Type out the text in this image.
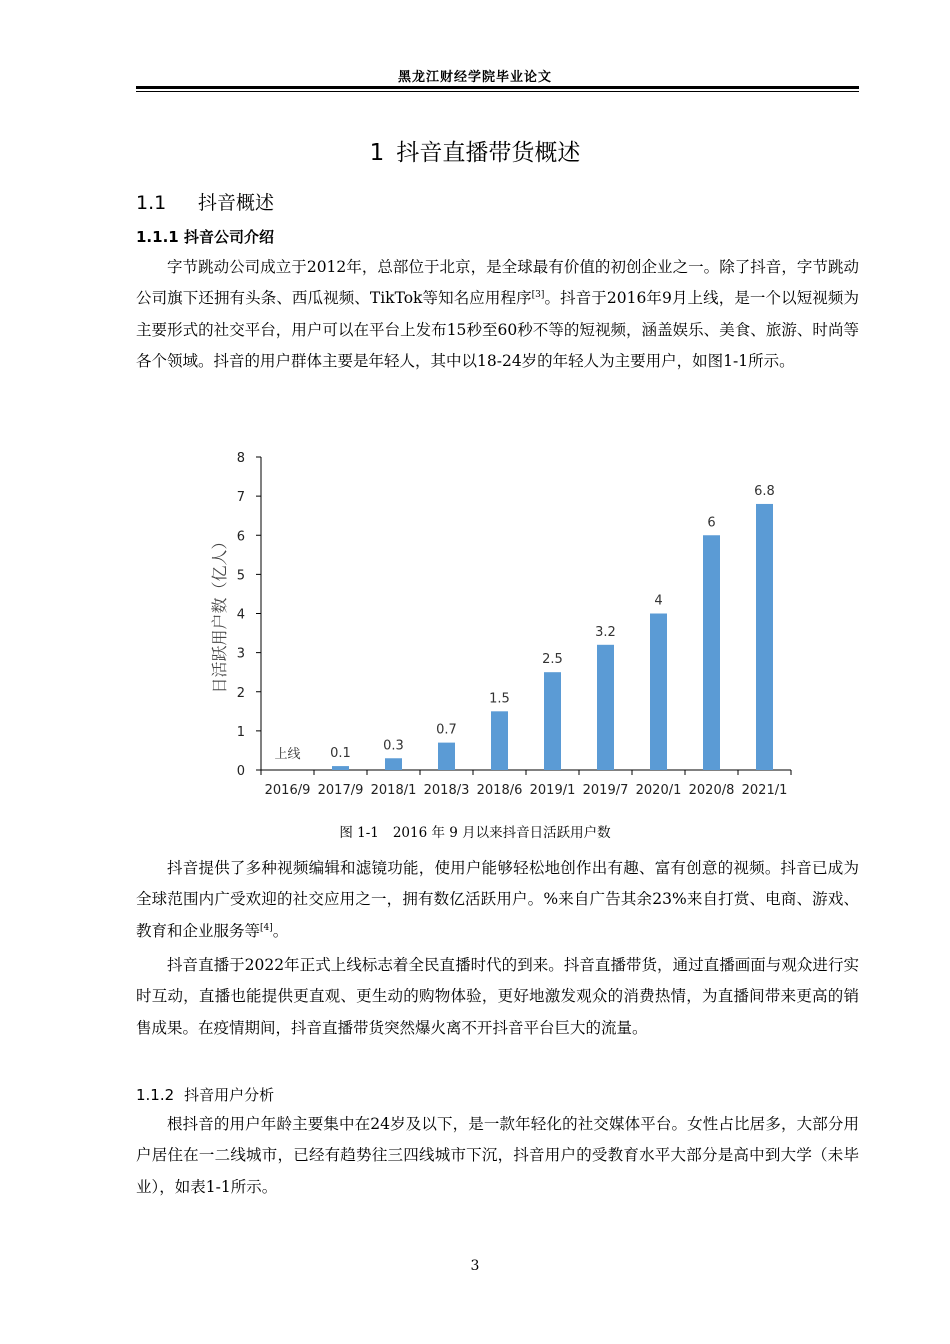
黑龙江财经学院毕业论文
1 抖音直播带货概述
1.1 抖音概述
1.1.1 抖音公司介绍

字节跳动公司成立于2012年，总部位于北京，是全球最有价值的初创企业之一。除了抖音，字节跳动公司旗下还拥有头条、西瓜视频、TikTok等知名应用程序[3]。抖音于2016年9月上线，是一个以短视频为主要形式的社交平台，用户可以在平台上发布15秒至60秒不等的短视频，涵盖娱乐、美食、旅游、时尚等各个领域。抖音的用户群体主要是年轻人，其中以18-24岁的年轻人为主要用户，如图1-1所示。

0
1
2
3
4
5
6
7
8
上线
2016/9
0.1
2017/9
0.3
2018/1
0.7
2018/3
1.5
2018/6
2.5
2019/1
3.2
2019/7
4
2020/1
6
2020/8
6.8
2021/1
日活跃用户数（亿人）
图 1-1 2016 年 9 月以来抖音日活跃用户数

抖音提供了多种视频编辑和滤镜功能，使用户能够轻松地创作出有趣、富有创意的视频。抖音已成为全球范围内广受欢迎的社交应用之一，拥有数亿活跃用户。%来自广告其余23%来自打赏、电商、游戏、教育和企业服务等[4]。

抖音直播于2022年正式上线标志着全民直播时代的到来。抖音直播带货，通过直播画面与观众进行实时互动，直播也能提供更直观、更生动的购物体验，更好地激发观众的消费热情，为直播间带来更高的销售成果。在疫情期间，抖音直播带货突然爆火离不开抖音平台巨大的流量。

1.1.2 抖音用户分析

根抖音的用户年龄主要集中在24岁及以下，是一款年轻化的社交媒体平台。女性占比居多，大部分用户居住在一二线城市，已经有趋势往三四线城市下沉，抖音用户的受教育水平大部分是高中到大学（未毕业），如表1-1所示。

3
